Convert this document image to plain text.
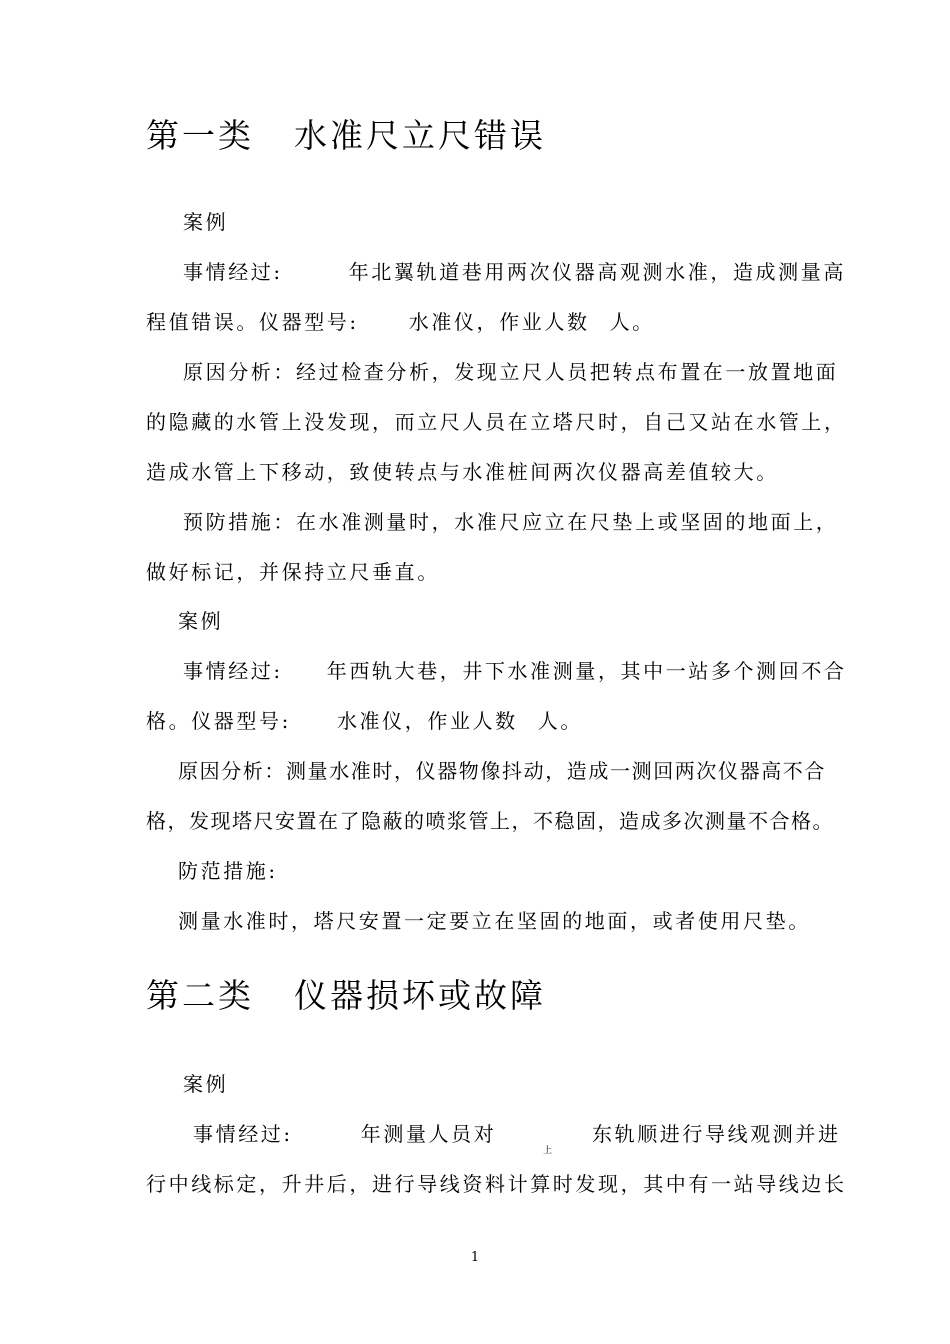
第一类 水准尺立尺错误
案例
事情经过:	年北翼轨道巷用两次仪器高观测水准，造成测量高
程值错误。仪器型号:	水准仪，作业人数 人。
原因分析：经过检查分析，发现立尺人员把转点布置在一放置地面
的隐藏的水管上没发现，而立尺人员在立塔尺时，自己又站在水管上，
造成水管上下移动，致使转点与水准桩间两次仪器高差值较大。
预防措施：在水准测量时，水准尺应立在尺垫上或坚固的地面上，
做好标记，并保持立尺垂直。
案例
事情经过: 年西轨大巷，井下水准测量，其中一站多个测回不合
格。仪器型号: 水准仪，作业人数 人。
原因分析：测量水准时，仪器物像抖动，造成一测回两次仪器高不合
格，发现塔尺安置在了隐蔽的喷浆管上，不稳固，造成多次测量不合格。
防范措施:
测量水准时，塔尺安置一定要立在坚固的地面，或者使用尺垫。
第二类 仪器损坏或故障
案例
事情经过:	年测量人员对	东轨顺进行导线观测并进
上
行中线标定，升井后，进行导线资料计算时发现，其中有一站导线边长
1
